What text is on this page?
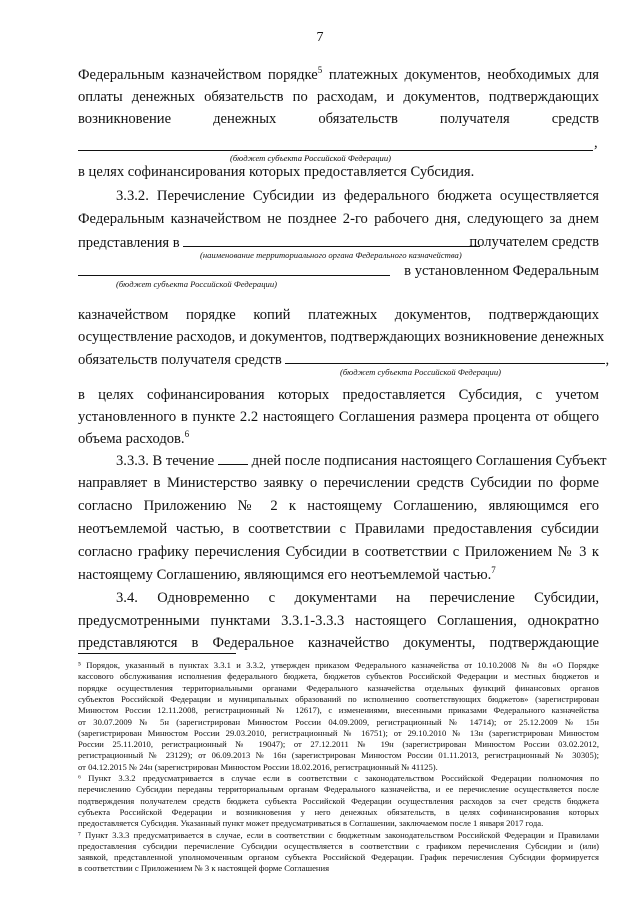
7
Федеральным казначейством порядке$^5$ платежных документов, необходимых для
оплаты денежных обязательств по расходам, и документов, подтверждающих
возникновение денежных обязательств получателя средств
,
(бюджет субъекта Российской Федерации)
в целях софинансирования которых предоставляется Субсидия.
3.3.2. Перечисление Субсидии из федерального бюджета осуществляется
Федеральным казначейством не позднее 2-го рабочего дня, следующего за днем
представления в	получателем средств
(наименование территориального органа Федерального казначейства)
в установленном Федеральным
(бюджет субъекта Российской Федерации)
казначейством порядке копий платежных документов, подтверждающих
осуществление расходов, и документов, подтверждающих возникновение денежных
обязательств получателя средств	,
(бюджет субъекта Российской Федерации)
в целях софинансирования которых предоставляется Субсидия, с учетом
установленного в пункте 2.2 настоящего Соглашения размера процента от общего
объема расходов.$^6$
3.3.3. В течение	дней после подписания настоящего Соглашения Субъект
направляет в Министерство заявку о перечислении средств Субсидии по форме
согласно Приложению № 2 к настоящему Соглашению, являющимся его
неотъемлемой частью, в соответствии с Правилами предоставления субсидии
согласно графику перечисления Субсидии в соответствии с Приложением № 3 к
настоящему Соглашению, являющимся его неотъемлемой частью.$^7$
3.4. Одновременно с документами на перечисление Субсидии,
предусмотренными пунктами 3.3.1-3.3.3 настоящего Соглашения, однократно
представляются в Федеральное казначейство документы, подтверждающие
⁵ Порядок, указанный в пунктах 3.3.1 и 3.3.2, утвержден приказом Федерального казначейства от 10.10.2008 № 8н «О Порядке
кассового обслуживания исполнения федерального бюджета, бюджетов субъектов Российской Федерации и местных бюджетов и
порядке осуществления территориальными органами Федерального казначейства отдельных функций финансовых органов
субъектов Российской Федерации и муниципальных образований по исполнению соответствующих бюджетов» (зарегистрирован
Минюстом России 12.11.2008, регистрационный № 12617), с изменениями, внесенными приказами Федерального казначейства
от 30.07.2009 № 5н (зарегистрирован Минюстом России 04.09.2009, регистрационный № 14714); от 25.12.2009 № 15н
(зарегистрирован Минюстом России 29.03.2010, регистрационный № 16751); от 29.10.2010 № 13н (зарегистрирован Минюстом
России 25.11.2010, регистрационный № 19047); от 27.12.2011 № 19н (зарегистрирован Минюстом России 03.02.2012,
регистрационный № 23129); от 06.09.2013 № 16н (зарегистрирован Минюстом России 01.11.2013, регистрационный № 30305);
от 04.12.2015 № 24н (зарегистрирован Минюстом России 18.02.2016, регистрационный № 41125).
⁶ Пункт 3.3.2 предусматривается в случае если в соответствии с законодательством Российской Федерации полномочия по
перечислению Субсидии переданы территориальным органам Федерального казначейства, и ее перечисление осуществляется после
подтверждения получателем средств бюджета субъекта Российской Федерации осуществления расходов за счет средств бюджета
субъекта Российской Федерации и возникновения у него денежных обязательств, в целях софинансирования которых
предоставляется Субсидия. Указанный пункт может предусматриваться в Соглашении, заключаемом после 1 января 2017 года.
⁷ Пункт 3.3.3 предусматривается в случае, если в соответствии с бюджетным законодательством Российской Федерации и Правилами
предоставления субсидии перечисление Субсидии осуществляется в соответствии с графиком перечисления Субсидии и (или)
заявкой, представленной уполномоченным органом субъекта Российской Федерации. График перечисления Субсидии формируется
в соответствии с Приложением № 3 к настоящей форме Соглашения
